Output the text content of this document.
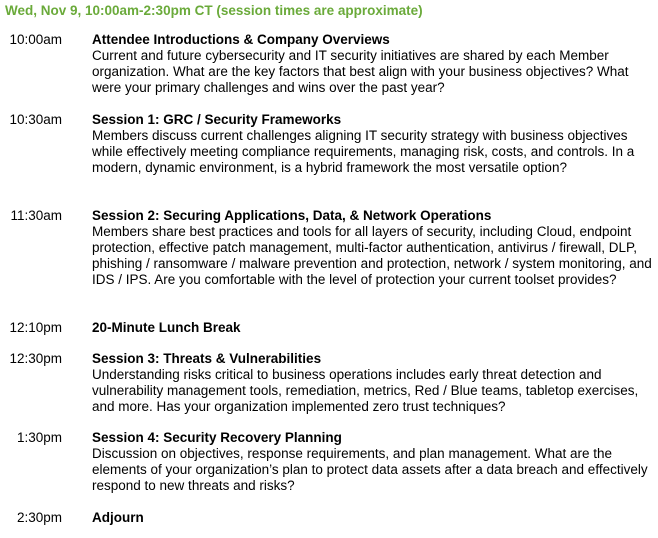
Wed, Nov 9, 10:00am-2:30pm CT (session times are approximate)
10:00am Attendee Introductions & Company Overviews
Current and future cybersecurity and IT security initiatives are shared by each Member organization. What are the key factors that best align with your business objectives? What were your primary challenges and wins over the past year?
10:30am Session 1: GRC / Security Frameworks
Members discuss current challenges aligning IT security strategy with business objectives while effectively meeting compliance requirements, managing risk, costs, and controls. In a modern, dynamic environment, is a hybrid framework the most versatile option?
11:30am Session 2: Securing Applications, Data, & Network Operations
Members share best practices and tools for all layers of security, including Cloud, endpoint protection, effective patch management, multi-factor authentication, antivirus / firewall, DLP, phishing / ransomware / malware prevention and protection, network / system monitoring, and IDS / IPS. Are you comfortable with the level of protection your current toolset provides?
12:10pm 20-Minute Lunch Break
12:30pm Session 3: Threats & Vulnerabilities
Understanding risks critical to business operations includes early threat detection and vulnerability management tools, remediation, metrics, Red / Blue teams, tabletop exercises, and more. Has your organization implemented zero trust techniques?
1:30pm Session 4: Security Recovery Planning
Discussion on objectives, response requirements, and plan management. What are the elements of your organization’s plan to protect data assets after a data breach and effectively respond to new threats and risks?
2:30pm Adjourn
